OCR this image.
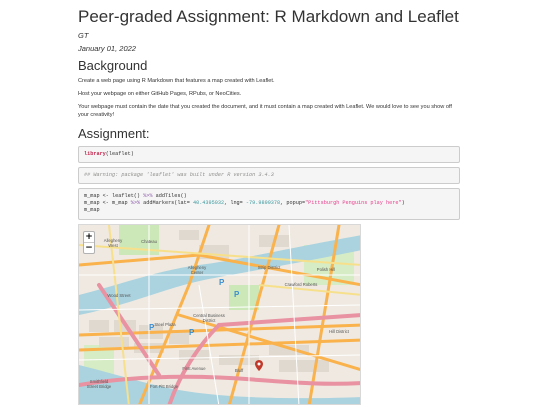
Peer-graded Assignment: R Markdown and Leaflet
GT
January 01, 2022
Background

Create a web page using R Markdown that features a map created with Leaflet.

Host your webpage on either GitHub Pages, RPubs, or NeoCities.

Your webpage must contain the date that you created the document, and it must contain a map created with Leaflet. We would love to see you show off your creativity!

Assignment:
library(leaflet)
## Warning: package 'leaflet' was built under R version 3.4.3
m_map <- leaflet() %>% addTiles()
m_map <- m_map %>% addMarkers(lat= 40.4395032, lng= -79.9899378, popup="Pittsburgh Penguins play here")
m_map
+
−
P
P
P
P
Allegheny West
Chateau
Allegheny Center
Strip District	Polish Hill
Crawford Roberts
Central Business District
Wood Street
Steel Plaza
First Avenue	Bluff
Smithfield Street Bridge	Fort Pitt Bridge
Hill District
